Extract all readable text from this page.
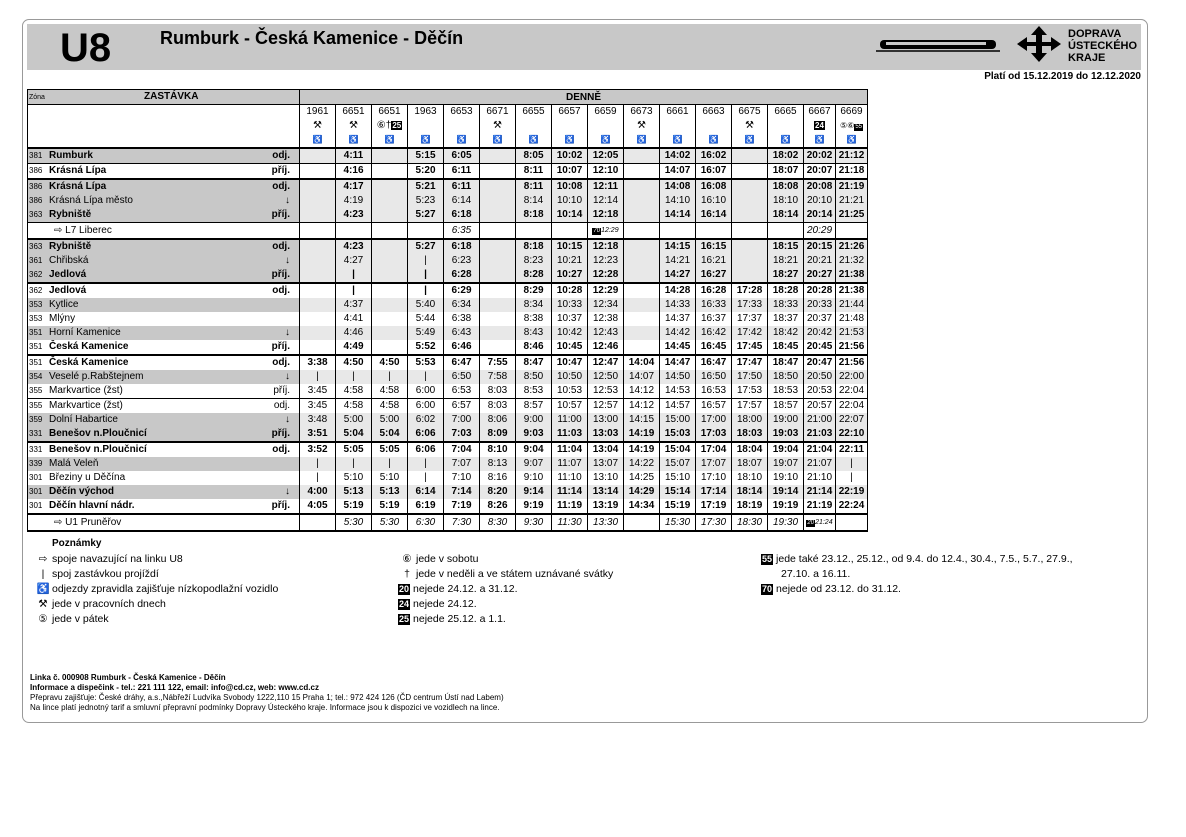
U8	Rumburk - Česká Kamenice - Děčín	DOPRAVA
ÚSTECKÉHO
KRAJE
Platí od 15.12.2019 do 12.12.2020
Zóna ZASTÁVKA	DENNĚ															
	1961	6651	6651	1963	6653	6671	6655	6657	6659	6673	6661	6663	6675	6665	6667	6669
	⚒	⚒	⑥†25			⚒				⚒			⚒		24	⑤⑥55
	♿	♿	♿	♿	♿	♿	♿	♿	♿	♿	♿	♿	♿	♿	♿	♿
381 Rumburk odj.		4:11		5:15	6:05		8:05	10:02	12:05		14:02	16:02		18:02	20:02	21:12
386 Krásná Lípa příj.		4:16		5:20	6:11		8:11	10:07	12:10		14:07	16:07		18:07	20:07	21:18
386 Krásná Lípa odj.		4:17		5:21	6:11		8:11	10:08	12:11		14:08	16:08		18:08	20:08	21:19
386 Krásná Lípa město ↓		4:19		5:23	6:14		8:14	10:10	12:14		14:10	16:10		18:10	20:10	21:21
363 Rybniště příj.		4:23		5:27	6:18		8:18	10:14	12:18		14:14	16:14		18:14	20:14	21:25
⇨ L7 Liberec					6:35				7012:29						20:29	
363 Rybniště odj.		4:23		5:27	6:18		8:18	10:15	12:18		14:15	16:15		18:15	20:15	21:26
361 Chřibská ↓		4:27		|	6:23		8:23	10:21	12:23		14:21	16:21		18:21	20:21	21:32
362 Jedlová příj.		|		|	6:28		8:28	10:27	12:28		14:27	16:27		18:27	20:27	21:38
362 Jedlová odj.		|		|	6:29		8:29	10:28	12:29		14:28	16:28	17:28	18:28	20:28	21:38
353 Kytlice		4:37		5:40	6:34		8:34	10:33	12:34		14:33	16:33	17:33	18:33	20:33	21:44
353 Mlýny		4:41		5:44	6:38		8:38	10:37	12:38		14:37	16:37	17:37	18:37	20:37	21:48
351 Horní Kamenice ↓		4:46		5:49	6:43		8:43	10:42	12:43		14:42	16:42	17:42	18:42	20:42	21:53
351 Česká Kamenice příj.		4:49		5:52	6:46		8:46	10:45	12:46		14:45	16:45	17:45	18:45	20:45	21:56
351 Česká Kamenice odj.	3:38	4:50	4:50	5:53	6:47	7:55	8:47	10:47	12:47	14:04	14:47	16:47	17:47	18:47	20:47	21:56
354 Veselé p.Rabštejnem ↓	|	|	|	|	6:50	7:58	8:50	10:50	12:50	14:07	14:50	16:50	17:50	18:50	20:50	22:00
355 Markvartice (žst) příj.	3:45	4:58	4:58	6:00	6:53	8:03	8:53	10:53	12:53	14:12	14:53	16:53	17:53	18:53	20:53	22:04
355 Markvartice (žst) odj.	3:45	4:58	4:58	6:00	6:57	8:03	8:57	10:57	12:57	14:12	14:57	16:57	17:57	18:57	20:57	22:04
359 Dolní Habartice ↓	3:48	5:00	5:00	6:02	7:00	8:06	9:00	11:00	13:00	14:15	15:00	17:00	18:00	19:00	21:00	22:07
331 Benešov n.Ploučnicí příj.	3:51	5:04	5:04	6:06	7:03	8:09	9:03	11:03	13:03	14:19	15:03	17:03	18:03	19:03	21:03	22:10
331 Benešov n.Ploučnicí odj.	3:52	5:05	5:05	6:06	7:04	8:10	9:04	11:04	13:04	14:19	15:04	17:04	18:04	19:04	21:04	22:11
339 Malá Veleň	|	|	|	|	7:07	8:13	9:07	11:07	13:07	14:22	15:07	17:07	18:07	19:07	21:07	|
301 Březiny u Děčína	|	5:10	5:10	|	7:10	8:16	9:10	11:10	13:10	14:25	15:10	17:10	18:10	19:10	21:10	|
301 Děčín východ ↓	4:00	5:13	5:13	6:14	7:14	8:20	9:14	11:14	13:14	14:29	15:14	17:14	18:14	19:14	21:14	22:19
301 Děčín hlavní nádr. příj.	4:05	5:19	5:19	6:19	7:19	8:26	9:19	11:19	13:19	14:34	15:19	17:19	18:19	19:19	21:19	22:24
⇨ U1 Pruněřov		5:30	5:30	6:30	7:30	8:30	9:30	11:30	13:30		15:30	17:30	18:30	19:30	2021:24	
Poznámky
⇨ spoje navazující na linku U8
| spoj zastávkou projíždí
♿ odjezdy zpravidla zajišťuje nízkopodlažní vozidlo
⚒ jede v pracovních dnech
⑤ jede v pátek
⑥ jede v sobotu
† jede v neděli a ve státem uznávané svátky
20 nejede 24.12. a 31.12.
24 nejede 24.12.
25 nejede 25.12. a 1.1.
55 jede také 23.12., 25.12., od 9.4. do 12.4., 30.4., 7.5., 5.7., 27.9.,
27.10. a 16.11.
70 nejede od 23.12. do 31.12.
Linka č. 000908 Rumburk - Česká Kamenice - Děčín
Informace a dispečink - tel.: 221 111 122, email: info@cd.cz, web: www.cd.cz
Přepravu zajišťuje: České dráhy, a.s.,Nábřeží Ludvíka Svobody 1222,110 15 Praha 1; tel.: 972 424 126 (ČD centrum Ústí nad Labem)
Na lince platí jednotný tarif a smluvní přepravní podmínky Dopravy Ústeckého kraje. Informace jsou k dispozici ve vozidlech na lince.
